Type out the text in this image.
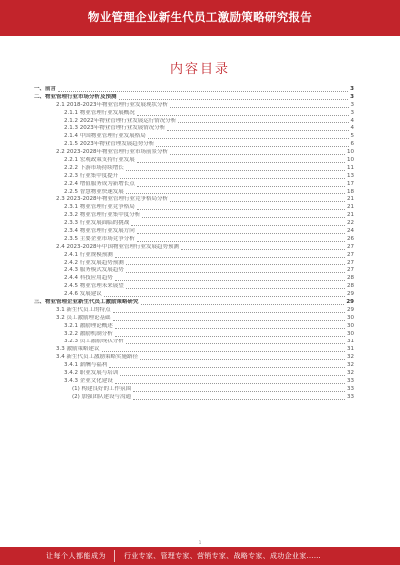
物业管理企业新生代员工激励策略研究报告
内容目录
一、前言	3
二、物业管理行业市场分析及预测	3
2.1 2018-2023年物业管理行业发展现状分析	3
2.1.1 物业管理行业发展概况	3
2.1.2 2022年物业管理行业发展运行情况分析	4
2.1.3 2023年物业管理行业发展情况分析	4
2.1.4 中国物业管理行业发展格局	5
2.1.5 2023年物业管理发展趋势分析	6
2.2 2023-2028年物业管理行业市场前景分析	10
2.2.1 宏观政策支持行业发展	10
2.2.2 下游市场持续增长	11
2.2.3 行业集中度提升	13
2.2.4 增值服务成为新增长点	17
2.2.5 智慧物业快速发展	18
2.3 2023-2028年物业管理行业竞争格局分析	21
2.3.1 物业管理行业竞争格局	21
2.3.2 物业管理行业集中度分析	21
2.3.3 行业发展面临的挑战	22
2.3.4 物业管理行业发展方向	24
2.3.5 主要企业市场竞争分析	26
2.4 2023-2028年中国物业管理行业发展趋势预测	27
2.4.1 行业规模预测	27
2.4.2 行业发展趋势预测	27
2.4.3 服务模式发展趋势	27
2.4.4 科技应用趋势	28
2.4.5 物业管理未来展望	28
2.4.6 发展建议	29
三、物业管理企业新生代员工激励策略研究	29
3.1 新生代员工的特点	29
3.2 员工激励理论基础	30
3.2.1 激励理论概述	30
3.2.2 激励机制分析	30
3.2.3 员工激励现状分析	31
3.3 激励策略建议	31
3.4 新生代员工激励策略实施路径	32
3.4.1 薪酬与福利	32
3.4.2 职业发展与培训	32
3.4.3 企业文化建设	33
(1) 构建良好的工作氛围	33
(2) 加强团队建设与沟通	33
1
让每个人都能成为	行业专家、管理专家、营销专家、战略专家、成功企业家……
